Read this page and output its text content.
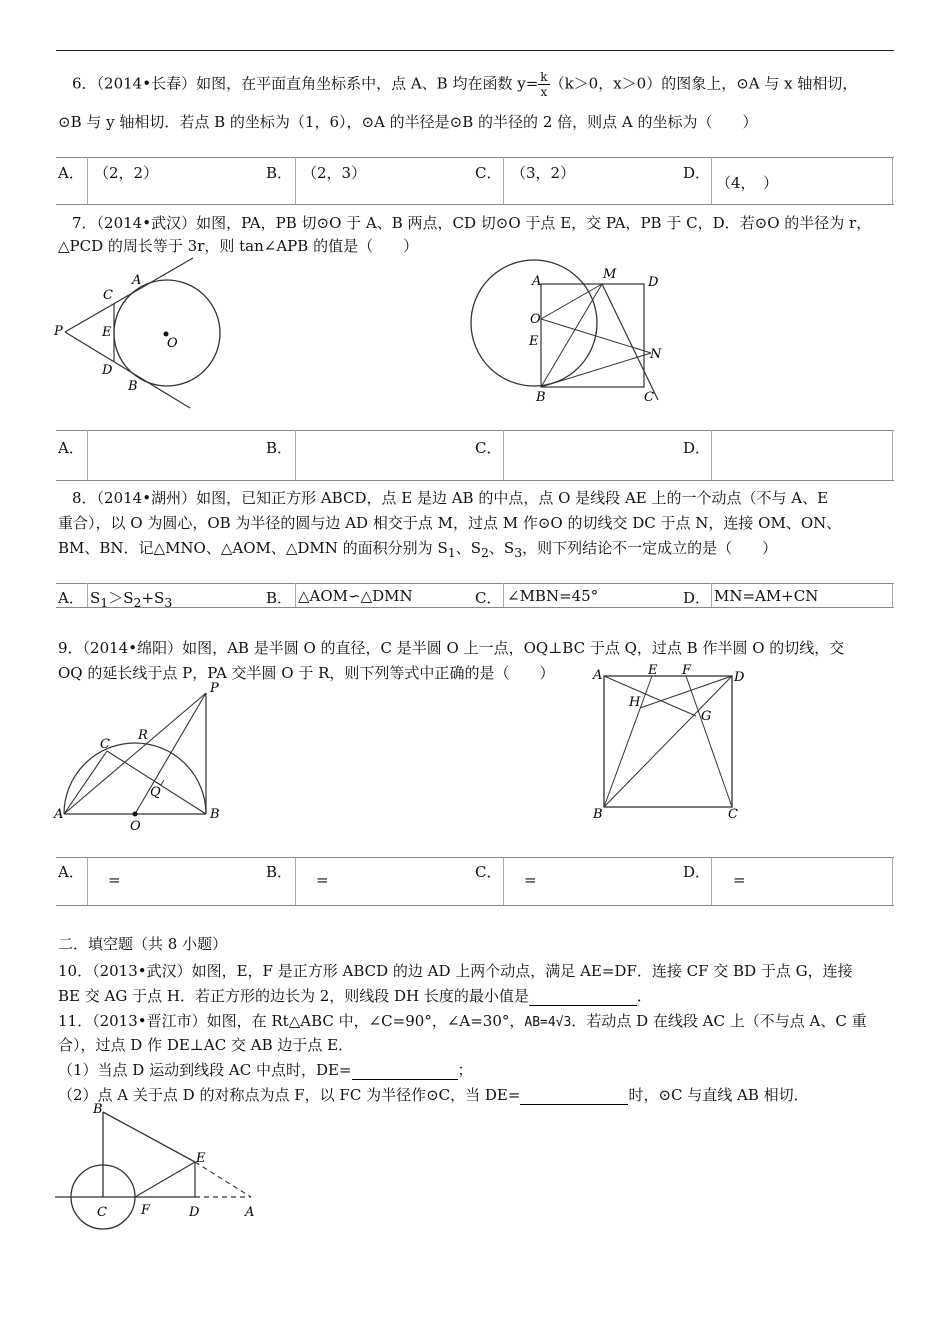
6．（2014•长春）如图，在平面直角坐标系中，点 A、B 均在函数 $y= \frac{k}{x} (k>0$，x＞0）的图象上，⊙A 与 x 轴相切，
⊙B 与 y 轴相切．若点 B 的坐标为（1，6），⊙A 的半径是⊙B 的半径的 2 倍，则点 A 的坐标为（　　）
A． （2，2）	B． （2，3）	C． （3，2）	D．
（4，　）
7．（2014•武汉）如图，PA，PB 切⊙O 于 A、B 两点，CD 切⊙O 于点 E，交 PA，PB 于 C，D．若⊙O 的半径为 r，
△PCD 的周长等于 3r，则 tan∠APB 的值是（　　）
A
C
P	E
O
D
B
A	M
D
O
E
N
B	C
A．	B．	C．	D．
8．（2014•湖州）如图，已知正方形 ABCD，点 E 是边 AB 的中点，点 O 是线段 AE 上的一个动点（不与 A、E
重合），以 O 为圆心，OB 为半径的圆与边 AD 相交于点 M，过点 M 作⊙O 的切线交 DC 于点 N，连接 OM、ON、
BM、BN．记△MNO、△AOM、△DMN 的面积分别为 $S_1$、$S_2$、$S_3$，则下列结论不一定成立的是（　　）
A． $S_1>S_2+S_3$	B． △AOM∽△DMN	C． ∠MBN=45°	D． MN=AM+CN
9．（2014•绵阳）如图，AB 是半圆 O 的直径，C 是半圆 O 上一点，OQ⊥BC 于点 Q，过点 B 作半圆 O 的切线，交
OQ 的延长线于点 P，PA 交半圆 O 于 R，则下列等式中正确的是（　　）
P
R
C
Q
A
O
B
A	E F	D
H
G
B	C
A． =	B． =	C． =	D． =
二．填空题（共 8 小题）
10．（2013•武汉）如图，E，F 是正方形 ABCD 的边 AD 上两个动点，满足 AE=DF．连接 CF 交 BD 于点 G，连接
BE 交 AG 于点 H．若正方形的边长为 2，则线段 DH 长度的最小值是	．
11．（2013•晋江市）如图，在 Rt△ABC 中，∠C=90°，∠A=30°，AB=4√3．若动点 D 在线段 AC 上（不与点 A、C 重
合），过点 D 作 DE⊥AC 交 AB 边于点 E．
（1）当点 D 运动到线段 AC 中点时，DE=	；
（2）点 A 关于点 D 的对称点为点 F，以 FC 为半径作⊙C，当 DE=	时，⊙C 与直线 AB 相切．
B
E
C	F	D	A
